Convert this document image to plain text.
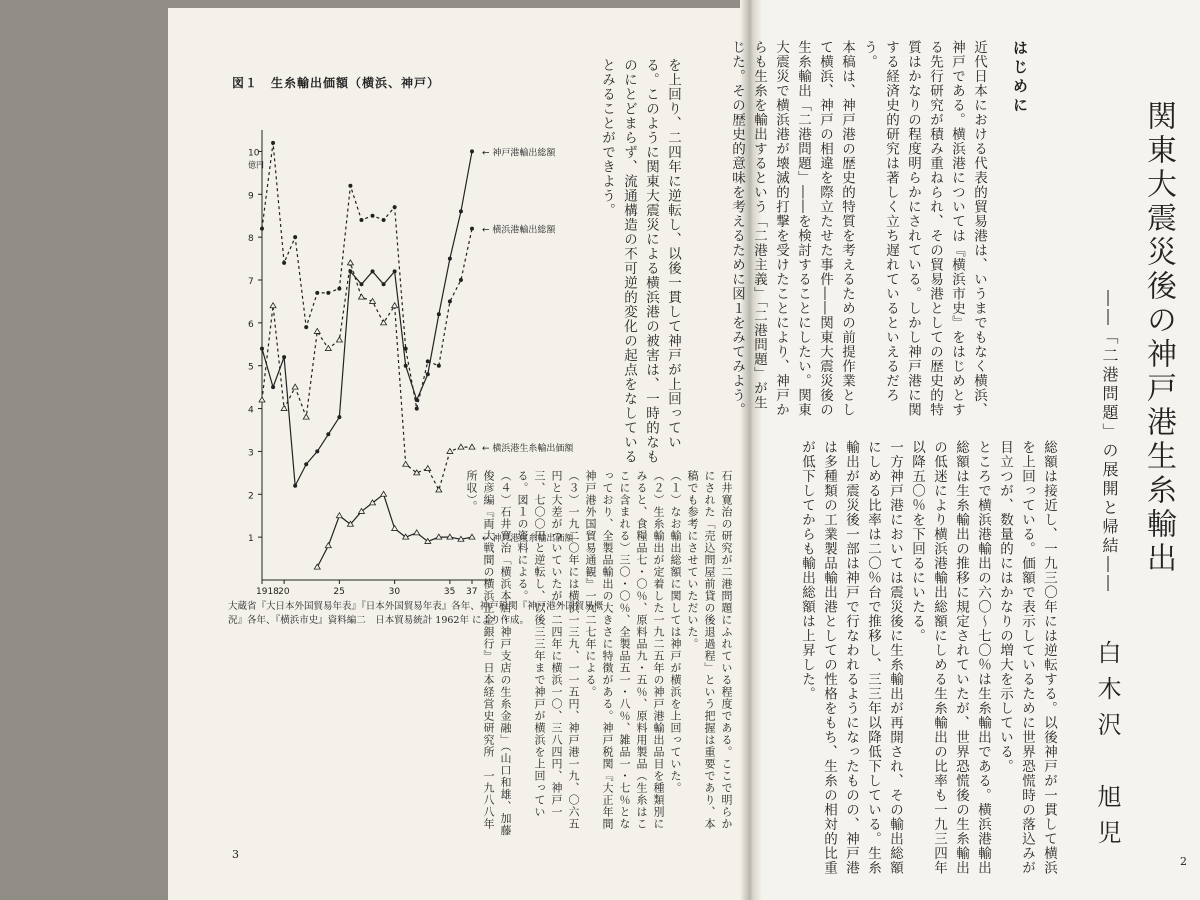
図１　生糸輸出価額（横浜、神戸）
1
2
3
4
5
6
7
8
9
10
億円
1918 20	25	30	35 37
← 神戸港輸出総額
← 横浜港輸出総額
← 横浜港生糸輸出価額
← 神戸港生糸輸出価額
大蔵省『大日本外国貿易年表』『日本外国貿易年表』各年、神戸税関『神戸港外国貿易概況』各年、『横浜市史』資料編二　日本貿易統計 1962年 により作成。
を上回り、二四年に逆転し、以後一貫して神戸が上回っている。このように関東大震災による横浜港の被害は、一時的なものにとどまらず、流通構造の不可逆的変化の起点をなしているとみることができよう。
石井寛治の研究が二港問題にふれている程度である。ここで明らかにされた「売込問屋前貸の後退過程」という把握は重要であり、本稿でも参考にさせていただいた。
（１）なお輸出総額に関しては神戸が横浜を上回っていた。
（２）生糸輸出が定着した一九二五年の神戸港輸出品目を種類別にみると、食糧品七・〇％、原料品九・五％、原料用製品（生糸はここに含まれる）三〇・〇％、全製品五一・八％、雑品一・七％となっており、全製品輸出の大きさに特徴がある。神戸税関『大正年間神戸港外国貿易通観』一九二七年による。
（３）一九二〇年には横浜一三九、一一五円、神戸港一九、〇六五円と大差がついていたが、二四年に横浜一〇、三八四円、神戸一三、七〇〇円と逆転し、以後三三年まで神戸が横浜を上回っている。図１の資料による。
（４）石井寛治「横浜本店・神戸支店の生糸金融」（山口和雄、加藤俊彦編『両大戦間の横浜正金銀行』日本経営史研究所　一九八八年所収）。
3
関東大震災後の神戸港生糸輸出
――「二港問題」の展開と帰結――
白木沢　旭児
はじめに
近代日本における代表的貿易港は、いうまでもなく横浜、神戸である。横浜港については『横浜市史』をはじめとする先行研究が積み重ねられ、その貿易港としての歴史的特質はかなりの程度明らかにされている。しかし神戸港に関する経済史的研究は著しく立ち遅れているといえるだろう。
本稿は、神戸港の歴史的特質を考えるための前提作業として横浜、神戸の相違を際立たせた事件――関東大震災後の生糸輸出「二港問題」――を検討することにしたい。関東大震災で横浜港が壊滅的打撃を受けたことにより、神戸からも生糸を輸出するという「二港主義」「二港問題」が生じた。その歴史的意味を考えるために図１をみてみよう。
総額は接近し、一九三〇年には逆転する。以後神戸が一貫して横浜を上回っている。価額で表示しているために世界恐慌時の落込みが目立つが、数量的にはかなりの増大を示している。
ところで横浜港輸出の六〇～七〇％は生糸輸出である。横浜港輸出総額は生糸輸出の推移に規定されていたが、世界恐慌後の生糸輸出の低迷により横浜港輸出総額にしめる生糸輸出の比率も一九三四年以降五〇％を下回るにいたる。
一方神戸港においては震災後に生糸輸出が再開され、その輸出総額にしめる比率は二〇％台で推移し、三三年以降低下している。生糸輸出が震災後一部は神戸で行なわれるようになったものの、神戸港は多種類の工業製品輸出港としての性格をもち、生糸の相対的比重が低下してからも輸出総額は上昇した。
2
